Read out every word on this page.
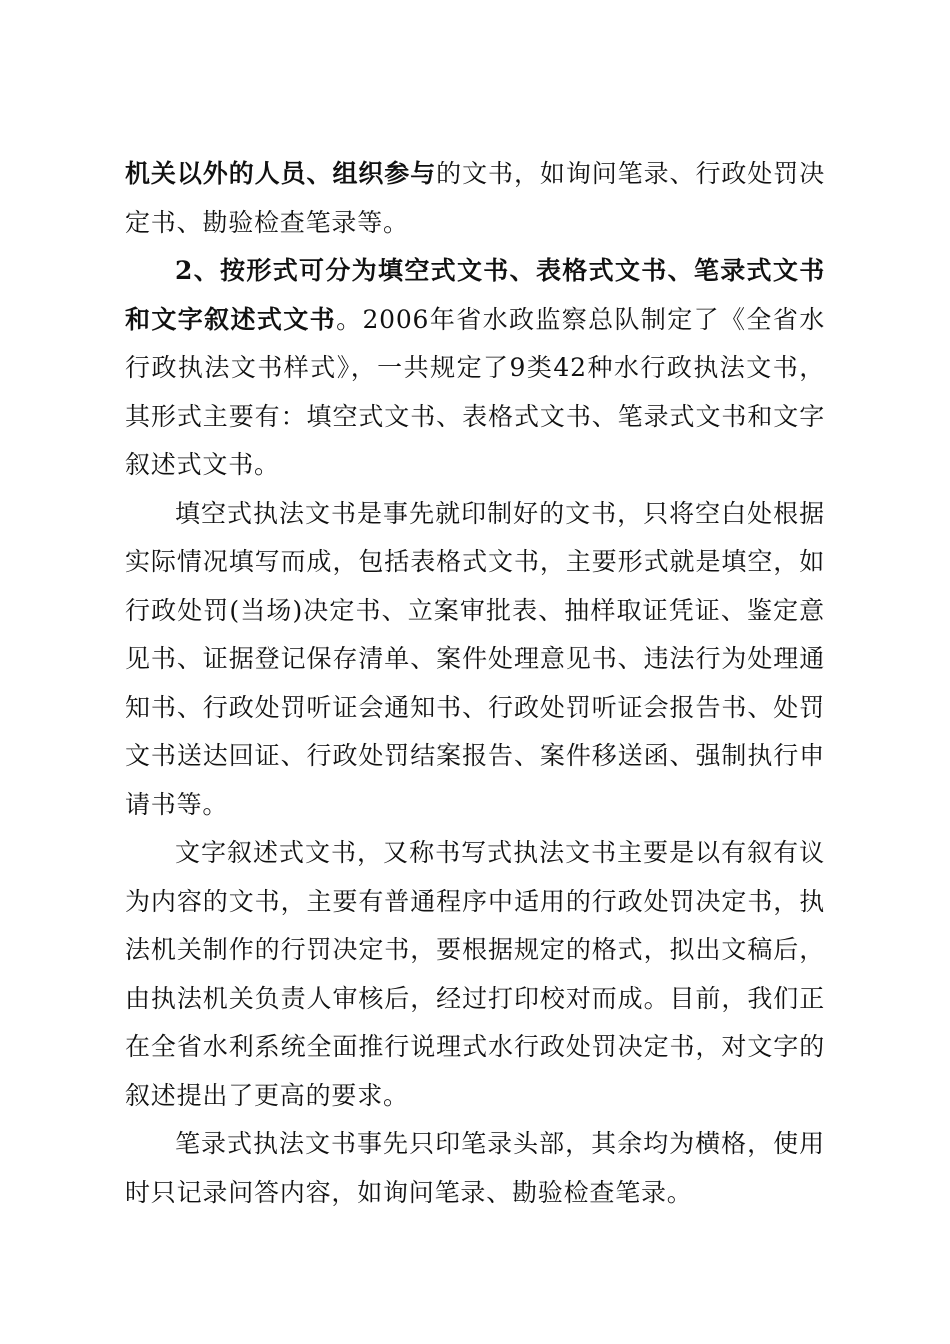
机关以外的人员、组织参与的文书，如询问笔录、行政处罚决定书、勘验检查笔录等。

2、按形式可分为填空式文书、表格式文书、笔录式文书和文字叙述式文书。2006年省水政监察总队制定了《全省水行政执法文书样式》，一共规定了9类42种水行政执法文书，其形式主要有：填空式文书、表格式文书、笔录式文书和文字叙述式文书。

填空式执法文书是事先就印制好的文书，只将空白处根据实际情况填写而成，包括表格式文书，主要形式就是填空，如行政处罚(当场)决定书、立案审批表、抽样取证凭证、鉴定意见书、证据登记保存清单、案件处理意见书、违法行为处理通知书、行政处罚听证会通知书、行政处罚听证会报告书、处罚文书送达回证、行政处罚结案报告、案件移送函、强制执行申请书等。

文字叙述式文书，又称书写式执法文书主要是以有叙有议为内容的文书，主要有普通程序中适用的行政处罚决定书，执法机关制作的行罚决定书，要根据规定的格式，拟出文稿后，由执法机关负责人审核后，经过打印校对而成。目前，我们正在全省水利系统全面推行说理式水行政处罚决定书，对文字的叙述提出了更高的要求。

笔录式执法文书事先只印笔录头部，其余均为横格，使用时只记录问答内容，如询问笔录、勘验检查笔录。
